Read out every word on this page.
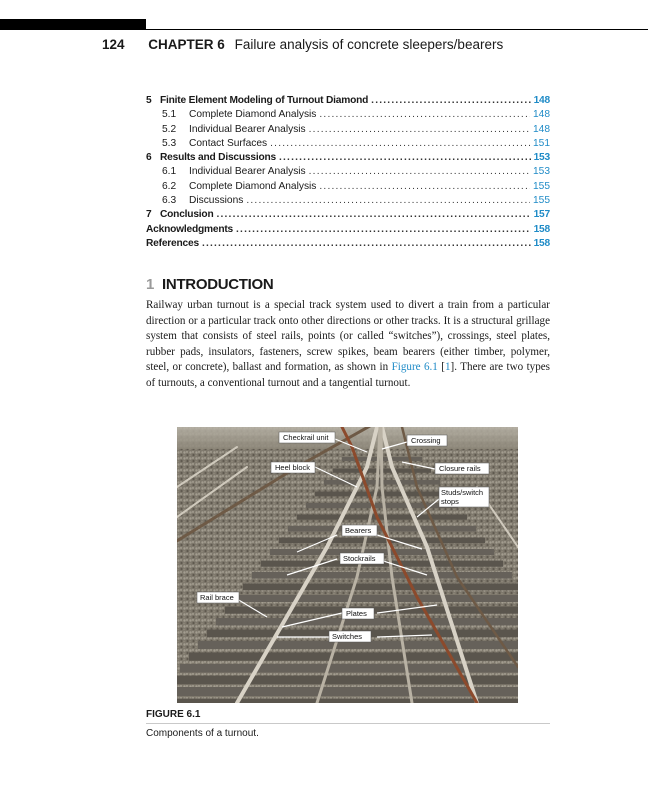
124 CHAPTER 6 Failure analysis of concrete sleepers/bearers
5 Finite Element Modeling of Turnout Diamond .....	148
5.1	Complete Diamond Analysis .....	148
5.2	Individual Bearer Analysis .....	148
5.3	Contact Surfaces .....	151
6 Results and Discussions .....	153
6.1	Individual Bearer Analysis .....	153
6.2	Complete Diamond Analysis .....	155
6.3	Discussions .....	155
7 Conclusion .....	157
Acknowledgments .....	158
References .....	158
1 INTRODUCTION
Railway urban turnout is a special track system used to divert a train from a particular direction or a particular track onto other directions or other tracks. It is a structural grillage system that consists of steel rails, points (or called “switches”), crossings, steel plates, rubber pads, insulators, fasteners, screw spikes, beam bearers (either timber, polymer, steel, or concrete), ballast and formation, as shown in Figure 6.1 [1]. There are two types of turnouts, a conventional turnout and a tangential turnout.
Checkrail unit	Crossing
Heel block	Closure rails
Studs/switch
stops
Bearers
Stockrails
Rail brace
Plates
Switches
FIGURE 6.1
Components of a turnout.
